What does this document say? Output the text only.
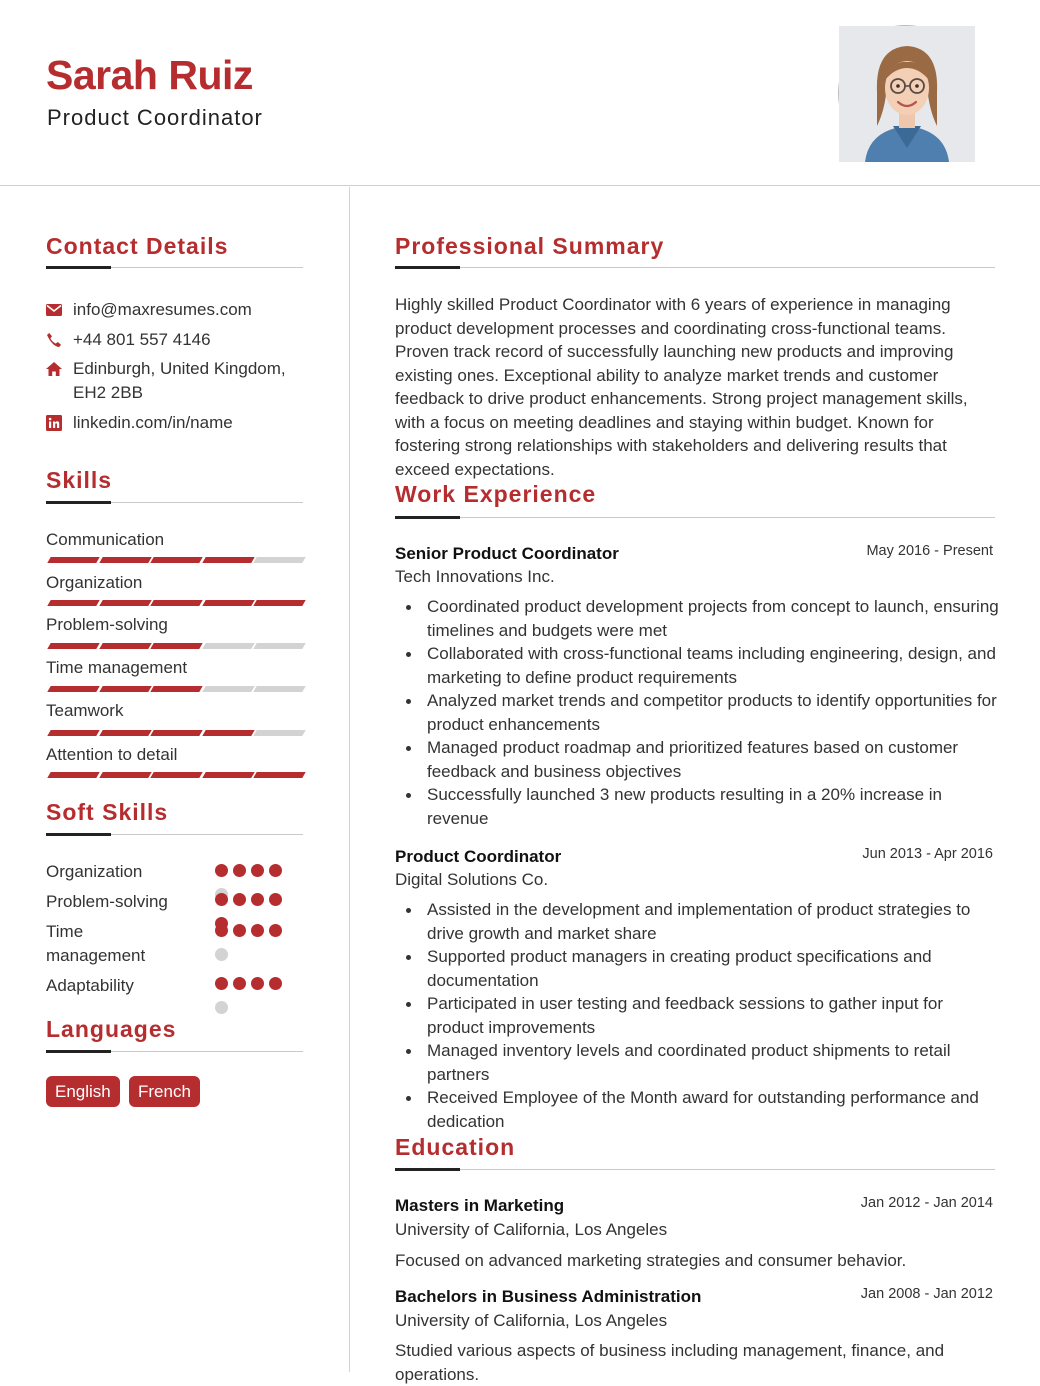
Sarah Ruiz
Product Coordinator
Contact Details
info@maxresumes.com
+44 801 557 4146
Edinburgh, United Kingdom,
EH2 2BB
linkedin.com/in/name
Skills
Communication
Organization
Problem-solving
Time management
Teamwork
Attention to detail
Soft Skills
Organization
Problem-solving
Time
management
Adaptability
Languages
English	French
Professional Summary
Highly skilled Product Coordinator with 6 years of experience in managing product development processes and coordinating cross-functional teams. Proven track record of successfully launching new products and improving existing ones. Exceptional ability to analyze market trends and customer feedback to drive product enhancements. Strong project management skills, with a focus on meeting deadlines and staying within budget. Known for fostering strong relationships with stakeholders and delivering results that exceed expectations.
Work Experience
Senior Product Coordinator	May 2016 - Present
Tech Innovations Inc.
Coordinated product development projects from concept to launch, ensuring timelines and budgets were met
Collaborated with cross-functional teams including engineering, design, and marketing to define product requirements
Analyzed market trends and competitor products to identify opportunities for product enhancements
Managed product roadmap and prioritized features based on customer feedback and business objectives
Successfully launched 3 new products resulting in a 20% increase in revenue
Product Coordinator	Jun 2013 - Apr 2016
Digital Solutions Co.
Assisted in the development and implementation of product strategies to drive growth and market share
Supported product managers in creating product specifications and documentation
Participated in user testing and feedback sessions to gather input for product improvements
Managed inventory levels and coordinated product shipments to retail partners
Received Employee of the Month award for outstanding performance and dedication
Education
Masters in Marketing	Jan 2012 - Jan 2014
University of California, Los Angeles
Focused on advanced marketing strategies and consumer behavior.
Bachelors in Business Administration	Jan 2008 - Jan 2012
University of California, Los Angeles
Studied various aspects of business including management, finance, and operations.
